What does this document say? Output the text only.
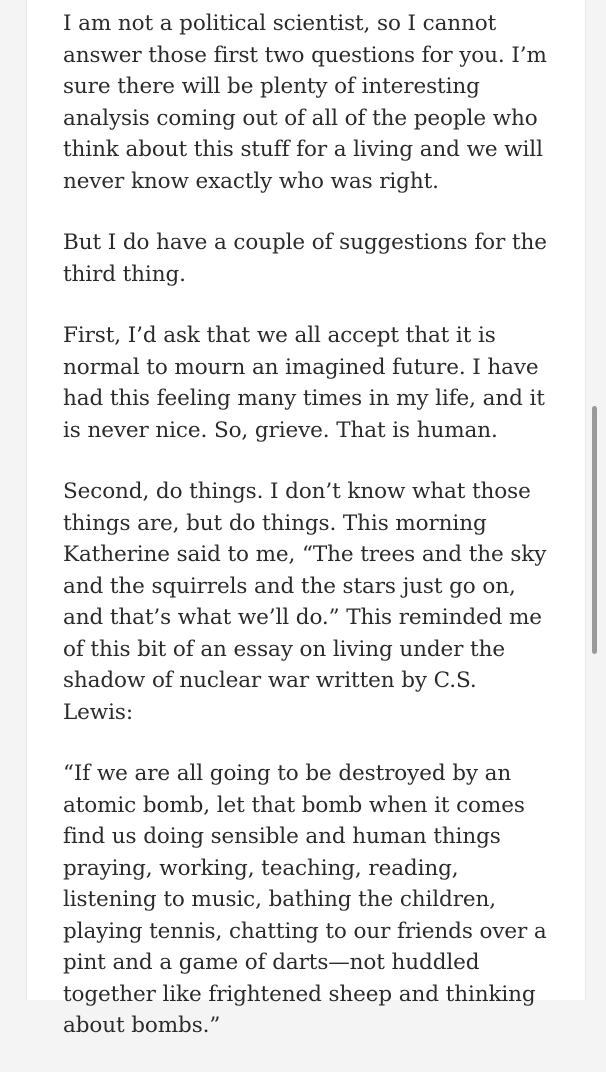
I am not a political scientist, so I cannot answer those first two questions for you. I’m sure there will be plenty of interesting analysis coming out of all of the people who think about this stuff for a living and we will never know exactly who was right.

But I do have a couple of suggestions for the third thing.

First, I’d ask that we all accept that it is normal to mourn an imagined future. I have had this feeling many times in my life, and it is never nice. So, grieve. That is human.

Second, do things. I don’t know what those things are, but do things. This morning Katherine said to me, “The trees and the sky and the squirrels and the stars just go on, and that’s what we’ll do.” This reminded me of this bit of an essay on living under the shadow of nuclear war written by C.S. Lewis:

“If we are all going to be destroyed by an atomic bomb, let that bomb when it comes find us doing sensible and human things praying, working, teaching, reading, listening to music, bathing the children, playing tennis, chatting to our friends over a pint and a game of darts—not huddled together like frightened sheep and thinking about bombs.”
